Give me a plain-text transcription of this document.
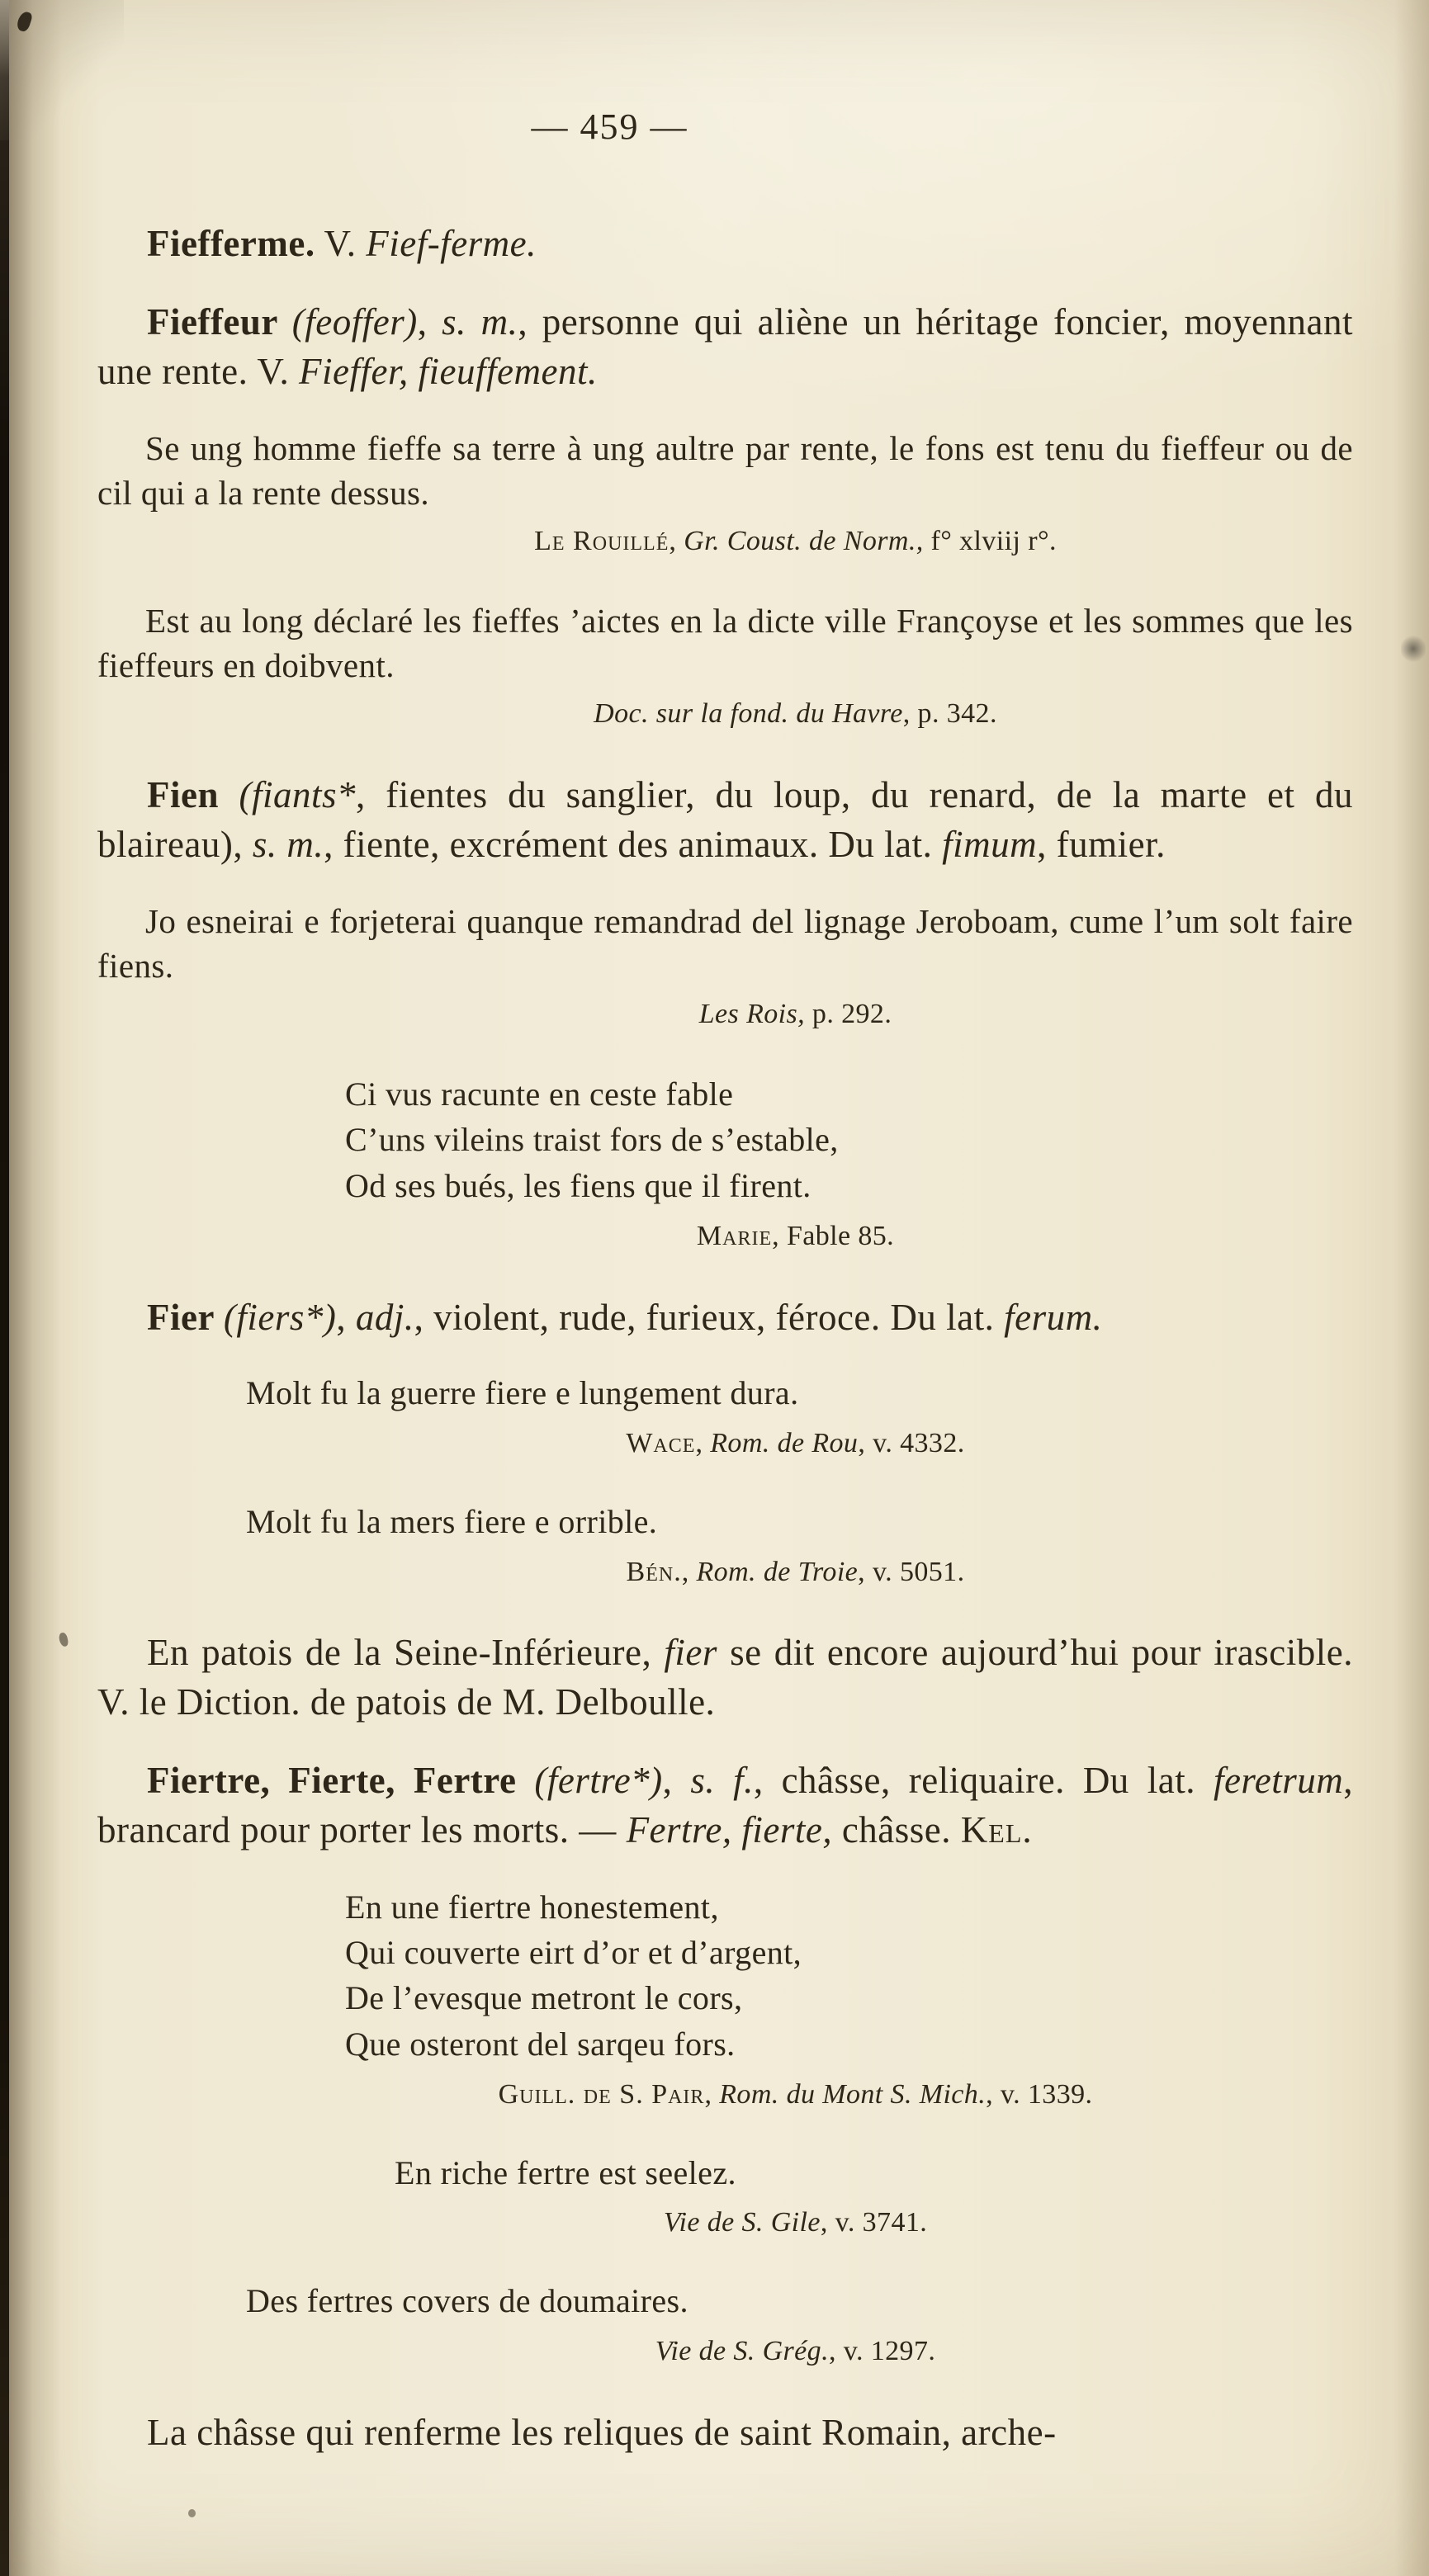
— 459 —
Fiefferme. V. Fief-ferme.
Fieffeur (feoffer), s. m., personne qui aliène un héritage foncier, moyennant une rente. V. Fieffer, fieuffement.
Se ung homme fieffe sa terre à ung aultre par rente, le fons est tenu du fieffeur ou de cil qui a la rente dessus.
Le Rouillé, Gr. Coust. de Norm., f° xlviij r°.
Est au long déclaré les fieffes ’aictes en la dicte ville Françoyse et les sommes que les fieffeurs en doibvent.
Doc. sur la fond. du Havre, p. 342.
Fien (fiants*, fientes du sanglier, du loup, du renard, de la marte et du blaireau), s. m., fiente, excrément des animaux. Du lat. fimum, fumier.
Jo esneirai e forjeterai quanque remandrad del lignage Jeroboam, cume l’um solt faire fiens.
Les Rois, p. 292.
Ci vus racunte en ceste fable
C’uns vileins traist fors de s’estable,
Od ses bués, les fiens que il firent.
Marie, Fable 85.
Fier (fiers*), adj., violent, rude, furieux, féroce. Du lat. ferum.
Molt fu la guerre fiere e lungement dura.
Wace, Rom. de Rou, v. 4332.
Molt fu la mers fiere e orrible.
Bén., Rom. de Troie, v. 5051.
En patois de la Seine-Inférieure, fier se dit encore aujourd’hui pour irascible. V. le Diction. de patois de M. Delboulle.
Fiertre, Fierte, Fertre (fertre*), s. f., châsse, reliquaire. Du lat. feretrum, brancard pour porter les morts. — Fertre, fierte, châsse. Kel.
En une fiertre honestement,
Qui couverte eirt d’or et d’argent,
De l’evesque metront le cors,
Que osteront del sarqeu fors.
Guill. de S. Pair, Rom. du Mont S. Mich., v. 1339.
En riche fertre est seelez.
Vie de S. Gile, v. 3741.
Des fertres covers de doumaires.
Vie de S. Grég., v. 1297.
La châsse qui renferme les reliques de saint Romain, arche-
